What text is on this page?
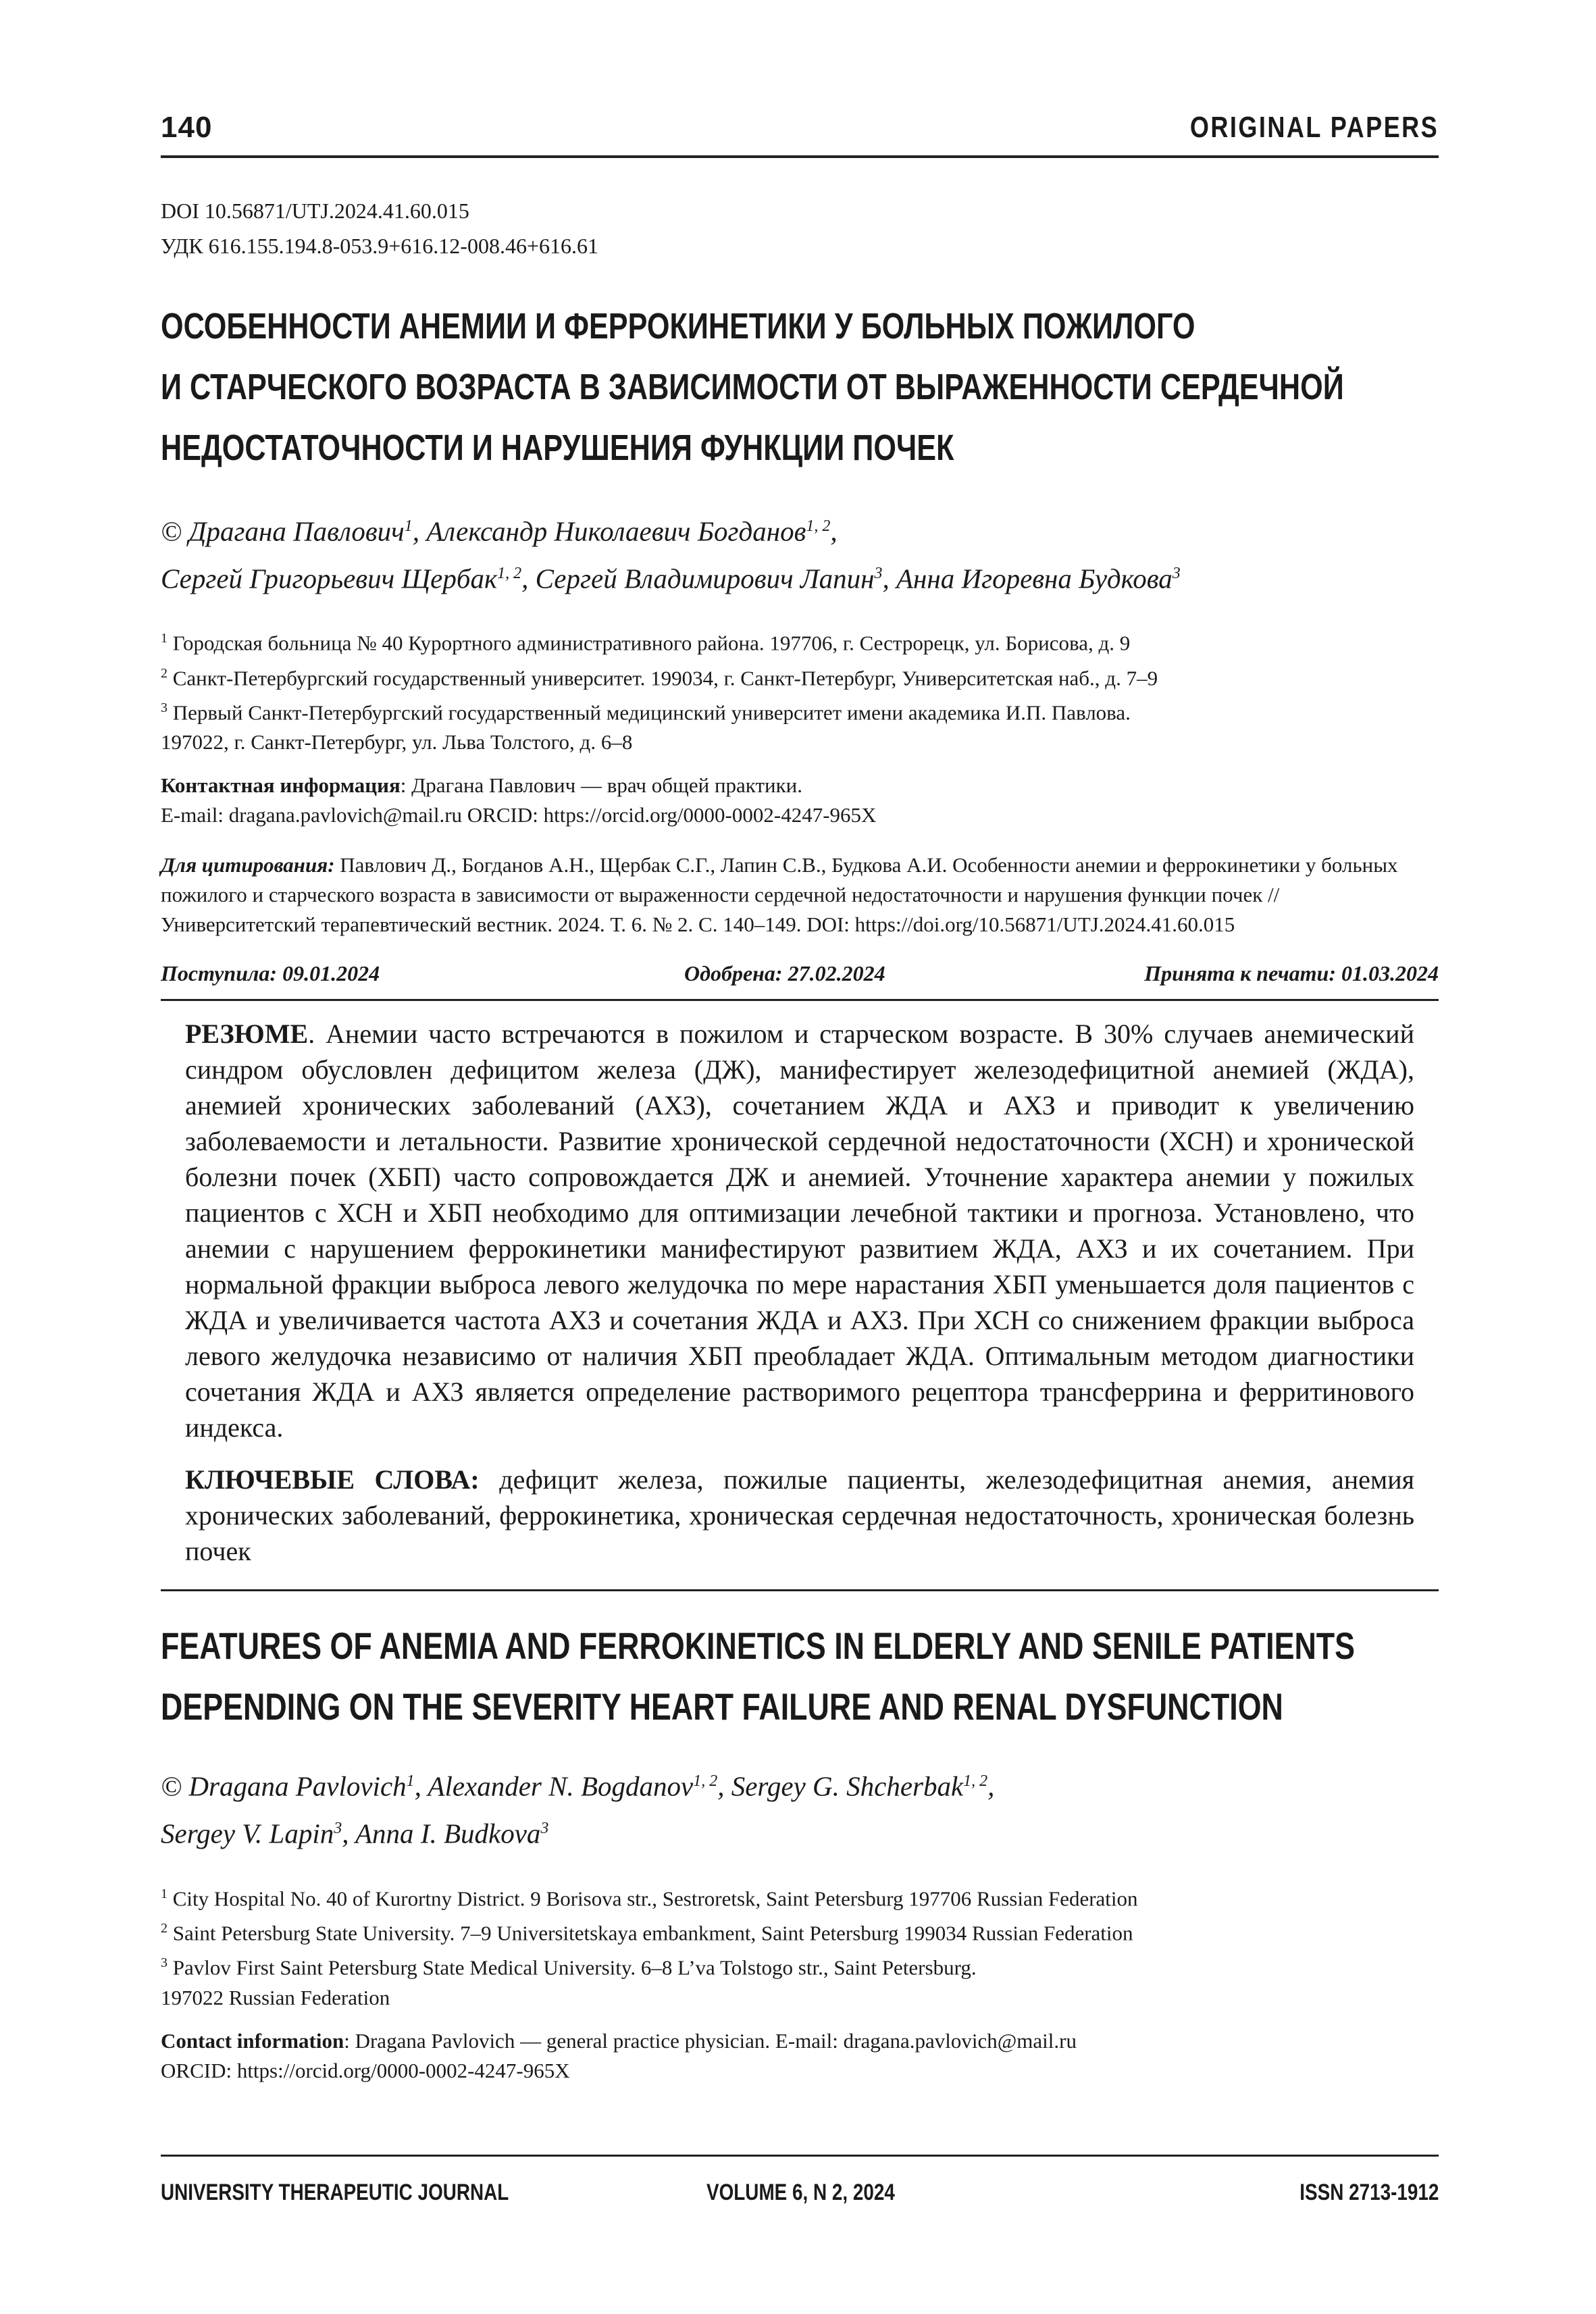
140	ORIGINAL PAPERS
DOI 10.56871/UTJ.2024.41.60.015
УДК 616.155.194.8-053.9+616.12-008.46+616.61
ОСОБЕННОСТИ АНЕМИИ И ФЕРРОКИНЕТИКИ У БОЛЬНЫХ ПОЖИЛОГО
И СТАРЧЕСКОГО ВОЗРАСТА В ЗАВИСИМОСТИ ОТ ВЫРАЖЕННОСТИ СЕРДЕЧНОЙ
НЕДОСТАТОЧНОСТИ И НАРУШЕНИЯ ФУНКЦИИ ПОЧЕК
© Драгана Павлович$^1$, Александр Николаевич Богданов$^{1, 2}$,
Сергей Григорьевич Щербак$^{1, 2}$, Сергей Владимирович Лапин$^3$, Анна Игоревна Будкова$^3$
$^1$ Городская больница № 40 Курортного административного района. 197706, г. Сестрорецк, ул. Борисова, д. 9
$^2$ Санкт-Петербургский государственный университет. 199034, г. Санкт-Петербург, Университетская наб., д. 7–9
$^3$ Первый Санкт-Петербургский государственный медицинский университет имени академика И.П. Павлова.
197022, г. Санкт-Петербург, ул. Льва Толстого, д. 6–8
Контактная информация: Драгана Павлович — врач общей практики.
E-mail: dragana.pavlovich@mail.ru ORCID: https://orcid.org/0000-0002-4247-965X
Для цитирования: Павлович Д., Богданов А.Н., Щербак С.Г., Лапин С.В., Будкова А.И. Особенности анемии и феррокинетики у больных пожилого и старческого возраста в зависимости от выраженности сердечной недостаточности и нарушения функции почек // Университетский терапевтический вестник. 2024. Т. 6. № 2. С. 140–149. DOI: https://doi.org/10.56871/UTJ.2024.41.60.015
Поступила: 09.01.2024	Одобрена: 27.02.2024	Принята к печати: 01.03.2024
РЕЗЮМЕ. Анемии часто встречаются в пожилом и старческом возрасте. В 30% случаев анемический синдром обусловлен дефицитом железа (ДЖ), манифестирует железодефицитной анемией (ЖДА), анемией хронических заболеваний (АХЗ), сочетанием ЖДА и АХЗ и приводит к увеличению заболеваемости и летальности. Развитие хронической сердечной недостаточности (ХСН) и хронической болезни почек (ХБП) часто сопровождается ДЖ и анемией. Уточнение характера анемии у пожилых пациентов с ХСН и ХБП необходимо для оптимизации лечебной тактики и прогноза. Установлено, что анемии с нарушением феррокинетики манифестируют развитием ЖДА, АХЗ и их сочетанием. При нормальной фракции выброса левого желудочка по мере нарастания ХБП уменьшается доля пациентов с ЖДА и увеличивается частота АХЗ и сочетания ЖДА и АХЗ. При ХСН со снижением фракции выброса левого желудочка независимо от наличия ХБП преобладает ЖДА. Оптимальным методом диагностики сочетания ЖДА и АХЗ является определение растворимого рецептора трансферрина и ферритинового индекса.
КЛЮЧЕВЫЕ СЛОВА: дефицит железа, пожилые пациенты, железодефицитная анемия, анемия хронических заболеваний, феррокинетика, хроническая сердечная недостаточность, хроническая болезнь почек
FEATURES OF ANEMIA AND FERROKINETICS IN ELDERLY AND SENILE PATIENTS
DEPENDING ON THE SEVERITY HEART FAILURE AND RENAL DYSFUNCTION
© Dragana Pavlovich$^1$, Alexander N. Bogdanov$^{1, 2}$, Sergey G. Shcherbak$^{1, 2}$,
Sergey V. Lapin$^3$, Anna I. Budkova$^3$
$^1$ City Hospital No. 40 of Kurortny District. 9 Borisova str., Sestroretsk, Saint Petersburg 197706 Russian Federation
$^2$ Saint Petersburg State University. 7–9 Universitetskaya embankment, Saint Petersburg 199034 Russian Federation
$^3$ Pavlov First Saint Petersburg State Medical University. 6–8 L’va Tolstogo str., Saint Petersburg.
197022 Russian Federation
Contact information: Dragana Pavlovich — general practice physician. E-mail: dragana.pavlovich@mail.ru
ORCID: https://orcid.org/0000-0002-4247-965X
UNIVERSITY THERAPEUTIC JOURNAL	VOLUME 6, N 2, 2024	ISSN 2713-1912
